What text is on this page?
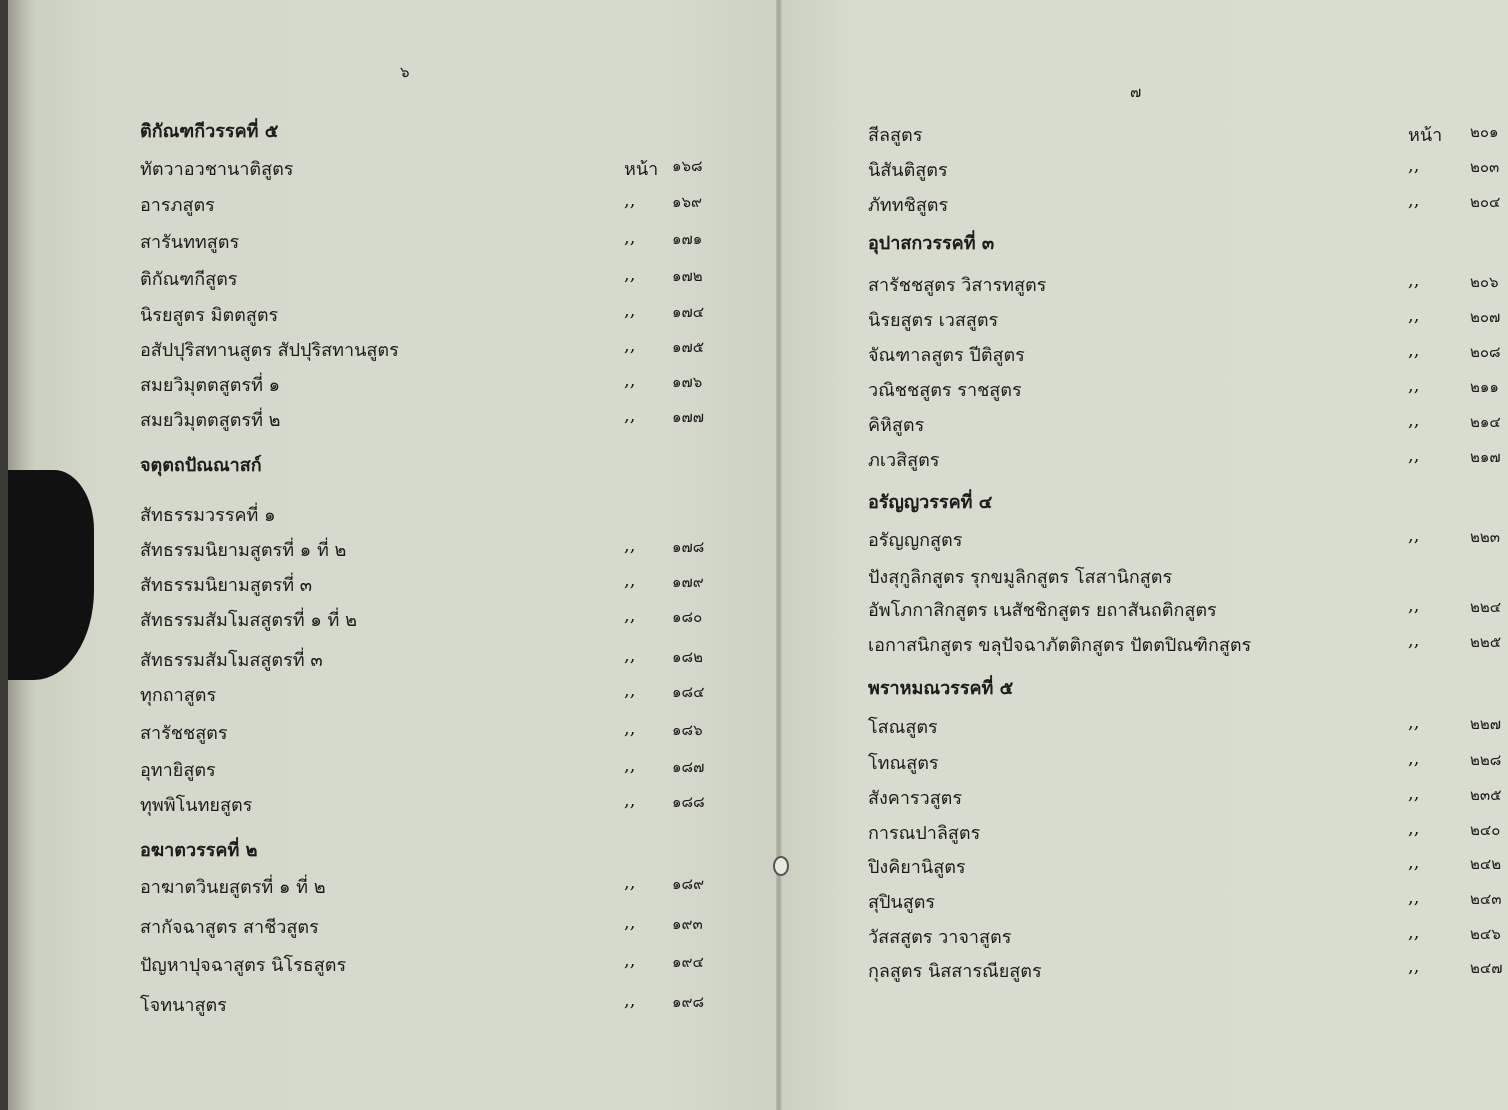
๖
ติกัณฑกีวรรคที่ ๕
ทัตวาอวชานาติสูตร	หน้า ๑๖๘
อารภสูตร	,, ๑๖๙
สารันททสูตร	,, ๑๗๑
ติกัณฑกีสูตร	,, ๑๗๒
นิรยสูตร มิตตสูตร	,, ๑๗๔
อสัปปุริสทานสูตร สัปปุริสทานสูตร	,, ๑๗๕
สมยวิมุตตสูตรที่ ๑	,, ๑๗๖
สมยวิมุตตสูตรที่ ๒	,, ๑๗๗
จตุตถปัณณาสก์
สัทธรรมวรรคที่ ๑
สัทธรรมนิยามสูตรที่ ๑ ที่ ๒	,, ๑๗๘
สัทธรรมนิยามสูตรที่ ๓	,, ๑๗๙
สัทธรรมสัมโมสสูตรที่ ๑ ที่ ๒	,, ๑๘๐
สัทธรรมสัมโมสสูตรที่ ๓	,, ๑๘๒
ทุกถาสูตร	,, ๑๘๔
สารัชชสูตร	,, ๑๘๖
อุทายิสูตร	,, ๑๘๗
ทุพพิโนทยสูตร	,, ๑๘๘
อฆาตวรรคที่ ๒
อาฆาตวินยสูตรที่ ๑ ที่ ๒	,, ๑๘๙
สากัจฉาสูตร สาชีวสูตร	,, ๑๙๓
ปัญหาปุจฉาสูตร นิโรธสูตร	,, ๑๙๔
โจทนาสูตร	,, ๑๙๘
๗
สีลสูตร	หน้า ๒๐๑
นิสันติสูตร	,,	๒๐๓
ภัททชิสูตร	,,	๒๐๔
อุปาสกวรรคที่ ๓
สารัชชสูตร วิสารทสูตร	,,	๒๐๖
นิรยสูตร เวสสูตร	,,	๒๐๗
จัณฑาลสูตร ปีติสูตร	,,	๒๐๘
วณิชชสูตร ราชสูตร	,,	๒๑๑
คิหิสูตร	,,	๒๑๔
ภเวสิสูตร	,,	๒๑๗
อรัญญวรรคที่ ๔
อรัญญกสูตร	,,	๒๒๓
ปังสุกูลิกสูตร รุกขมูลิกสูตร โสสานิกสูตร
อัพโภกาสิกสูตร เนสัชชิกสูตร ยถาสันถติกสูตร	,,	๒๒๔
เอกาสนิกสูตร ขลุปัจฉาภัตติกสูตร ปัตตปิณฑิกสูตร	,,	๒๒๕
พราหมณวรรคที่ ๕
โสณสูตร	,,	๒๒๗
โทณสูตร	,,	๒๒๘
สังคารวสูตร	,,	๒๓๕
การณปาลิสูตร	,,	๒๔๐
ปิงคิยานิสูตร	,,	๒๔๒
สุปินสูตร	,,	๒๔๓
วัสสสูตร วาจาสูตร	,,	๒๔๖
กุลสูตร นิสสารณียสูตร	,,	๒๔๗
